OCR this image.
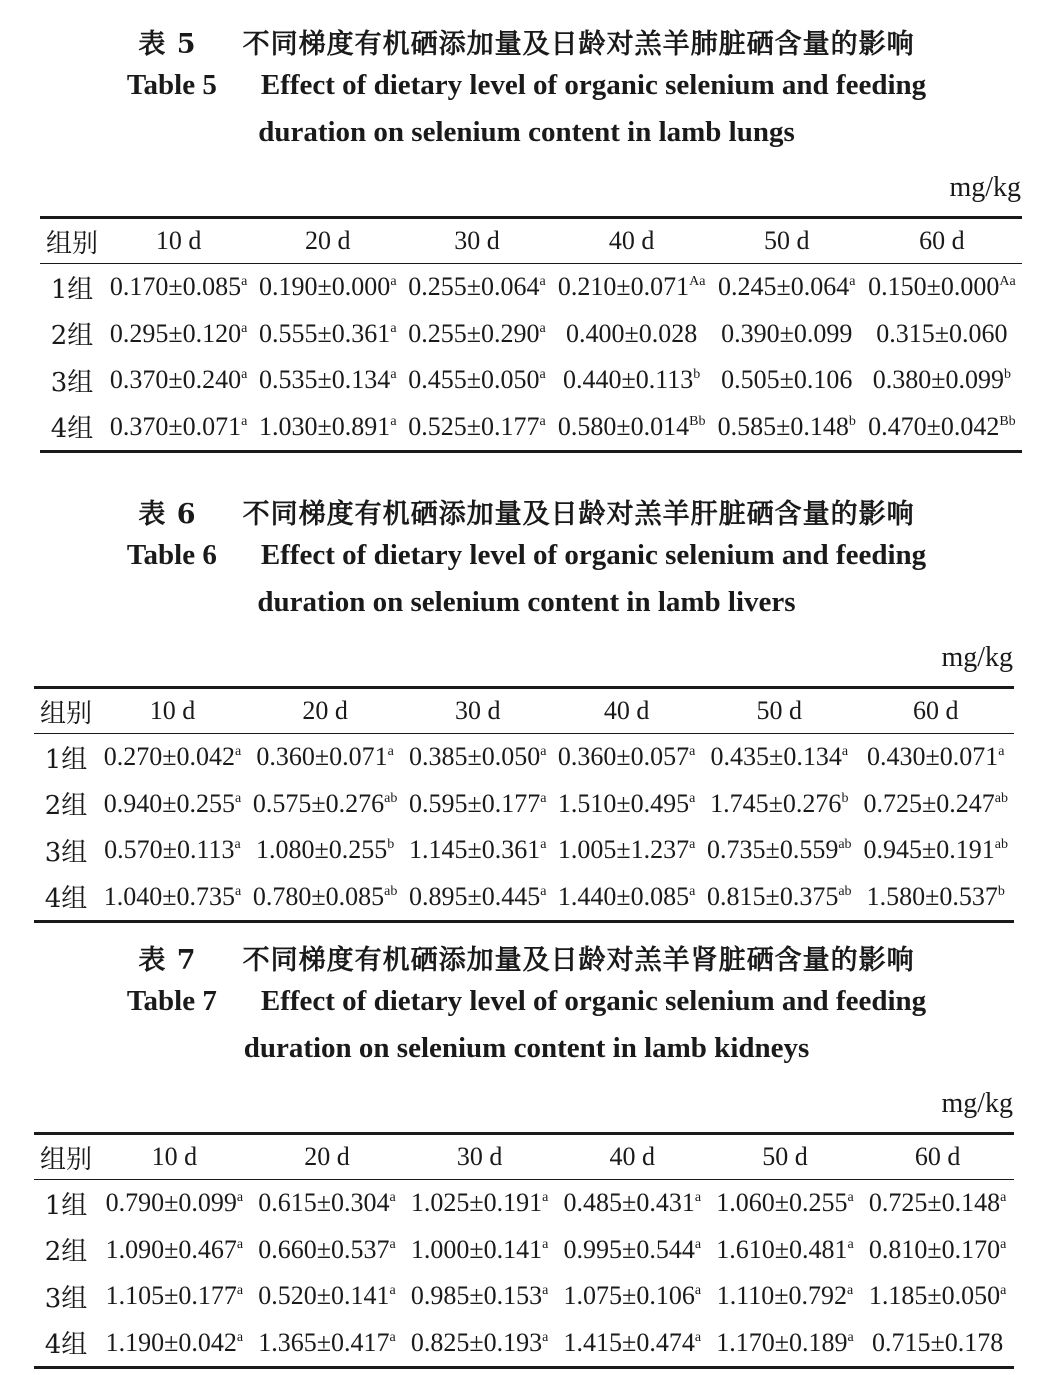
表 5 不同梯度有机硒添加量及日龄对羔羊肺脏硒含量的影响
Table 5 Effect of dietary level of organic selenium and feeding
duration on selenium content in lamb lungs
mg/kg
组别	10 d	20 d	30 d	40 d	50 d	60 d
1组	0.170±0.085$^a$	0.190±0.000$^a$	0.255±0.064$^a$	$0.210\pm 0.071^{Aa}$	0.245±0.064$^a$	$0.150\pm 0.000^{Aa}$
2组	0.295±0.120$^a$	0.555±0.361$^a$	0.255±0.290$^a$	0.400±0.028	0.390±0.099	0.315±0.060
3组	0.370±0.240$^a$	0.535±0.134$^a$	0.455±0.050$^a$	0.440±0.113$^b$	0.505±0.106	0.380±0.099$^b$
4组	0.370±0.071$^a$	1.030±0.891$^a$	0.525±0.177$^a$	$0.580\pm 0.014^{Bb}$	0.585±0.148$^b$	$0.470\pm 0.042^{Bb}$
表 6 不同梯度有机硒添加量及日龄对羔羊肝脏硒含量的影响
Table 6 Effect of dietary level of organic selenium and feeding
duration on selenium content in lamb livers
mg/kg
组别	10 d	20 d	30 d	40 d	50 d	60 d
1组	0.270±0.042$^a$	0.360±0.071$^a$	0.385±0.050$^a$	0.360±0.057$^a$	0.435±0.134$^a$	0.430±0.071$^a$
2组	0.940±0.255$^a$	0.575±0.276$^{ab}$	0.595±0.177$^a$	1.510±0.495$^a$	1.745±0.276$^b$	0.725±0.247$^{ab}$
3组	0.570±0.113$^a$	1.080±0.255$^b$	1.145±0.361$^a$	1.005±1.237$^a$	0.735±0.559$^{ab}$	0.945±0.191$^{ab}$
4组	1.040±0.735$^a$	0.780±0.085$^{ab}$	0.895±0.445$^a$	1.440±0.085$^a$	0.815±0.375$^{ab}$	1.580±0.537$^b$
表 7 不同梯度有机硒添加量及日龄对羔羊肾脏硒含量的影响
Table 7 Effect of dietary level of organic selenium and feeding
duration on selenium content in lamb kidneys
mg/kg
组别	10 d	20 d	30 d	40 d	50 d	60 d
1组	0.790±0.099$^a$	0.615±0.304$^a$	1.025±0.191$^a$	0.485±0.431$^a$	1.060±0.255$^a$	0.725±0.148$^a$
2组	1.090±0.467$^a$	0.660±0.537$^a$	1.000±0.141$^a$	0.995±0.544$^a$	1.610±0.481$^a$	0.810±0.170$^a$
3组	1.105±0.177$^a$	0.520±0.141$^a$	0.985±0.153$^a$	1.075±0.106$^a$	1.110±0.792$^a$	1.185±0.050$^a$
4组	1.190±0.042$^a$	1.365±0.417$^a$	0.825±0.193$^a$	1.415±0.474$^a$	1.170±0.189$^a$	0.715±0.178
